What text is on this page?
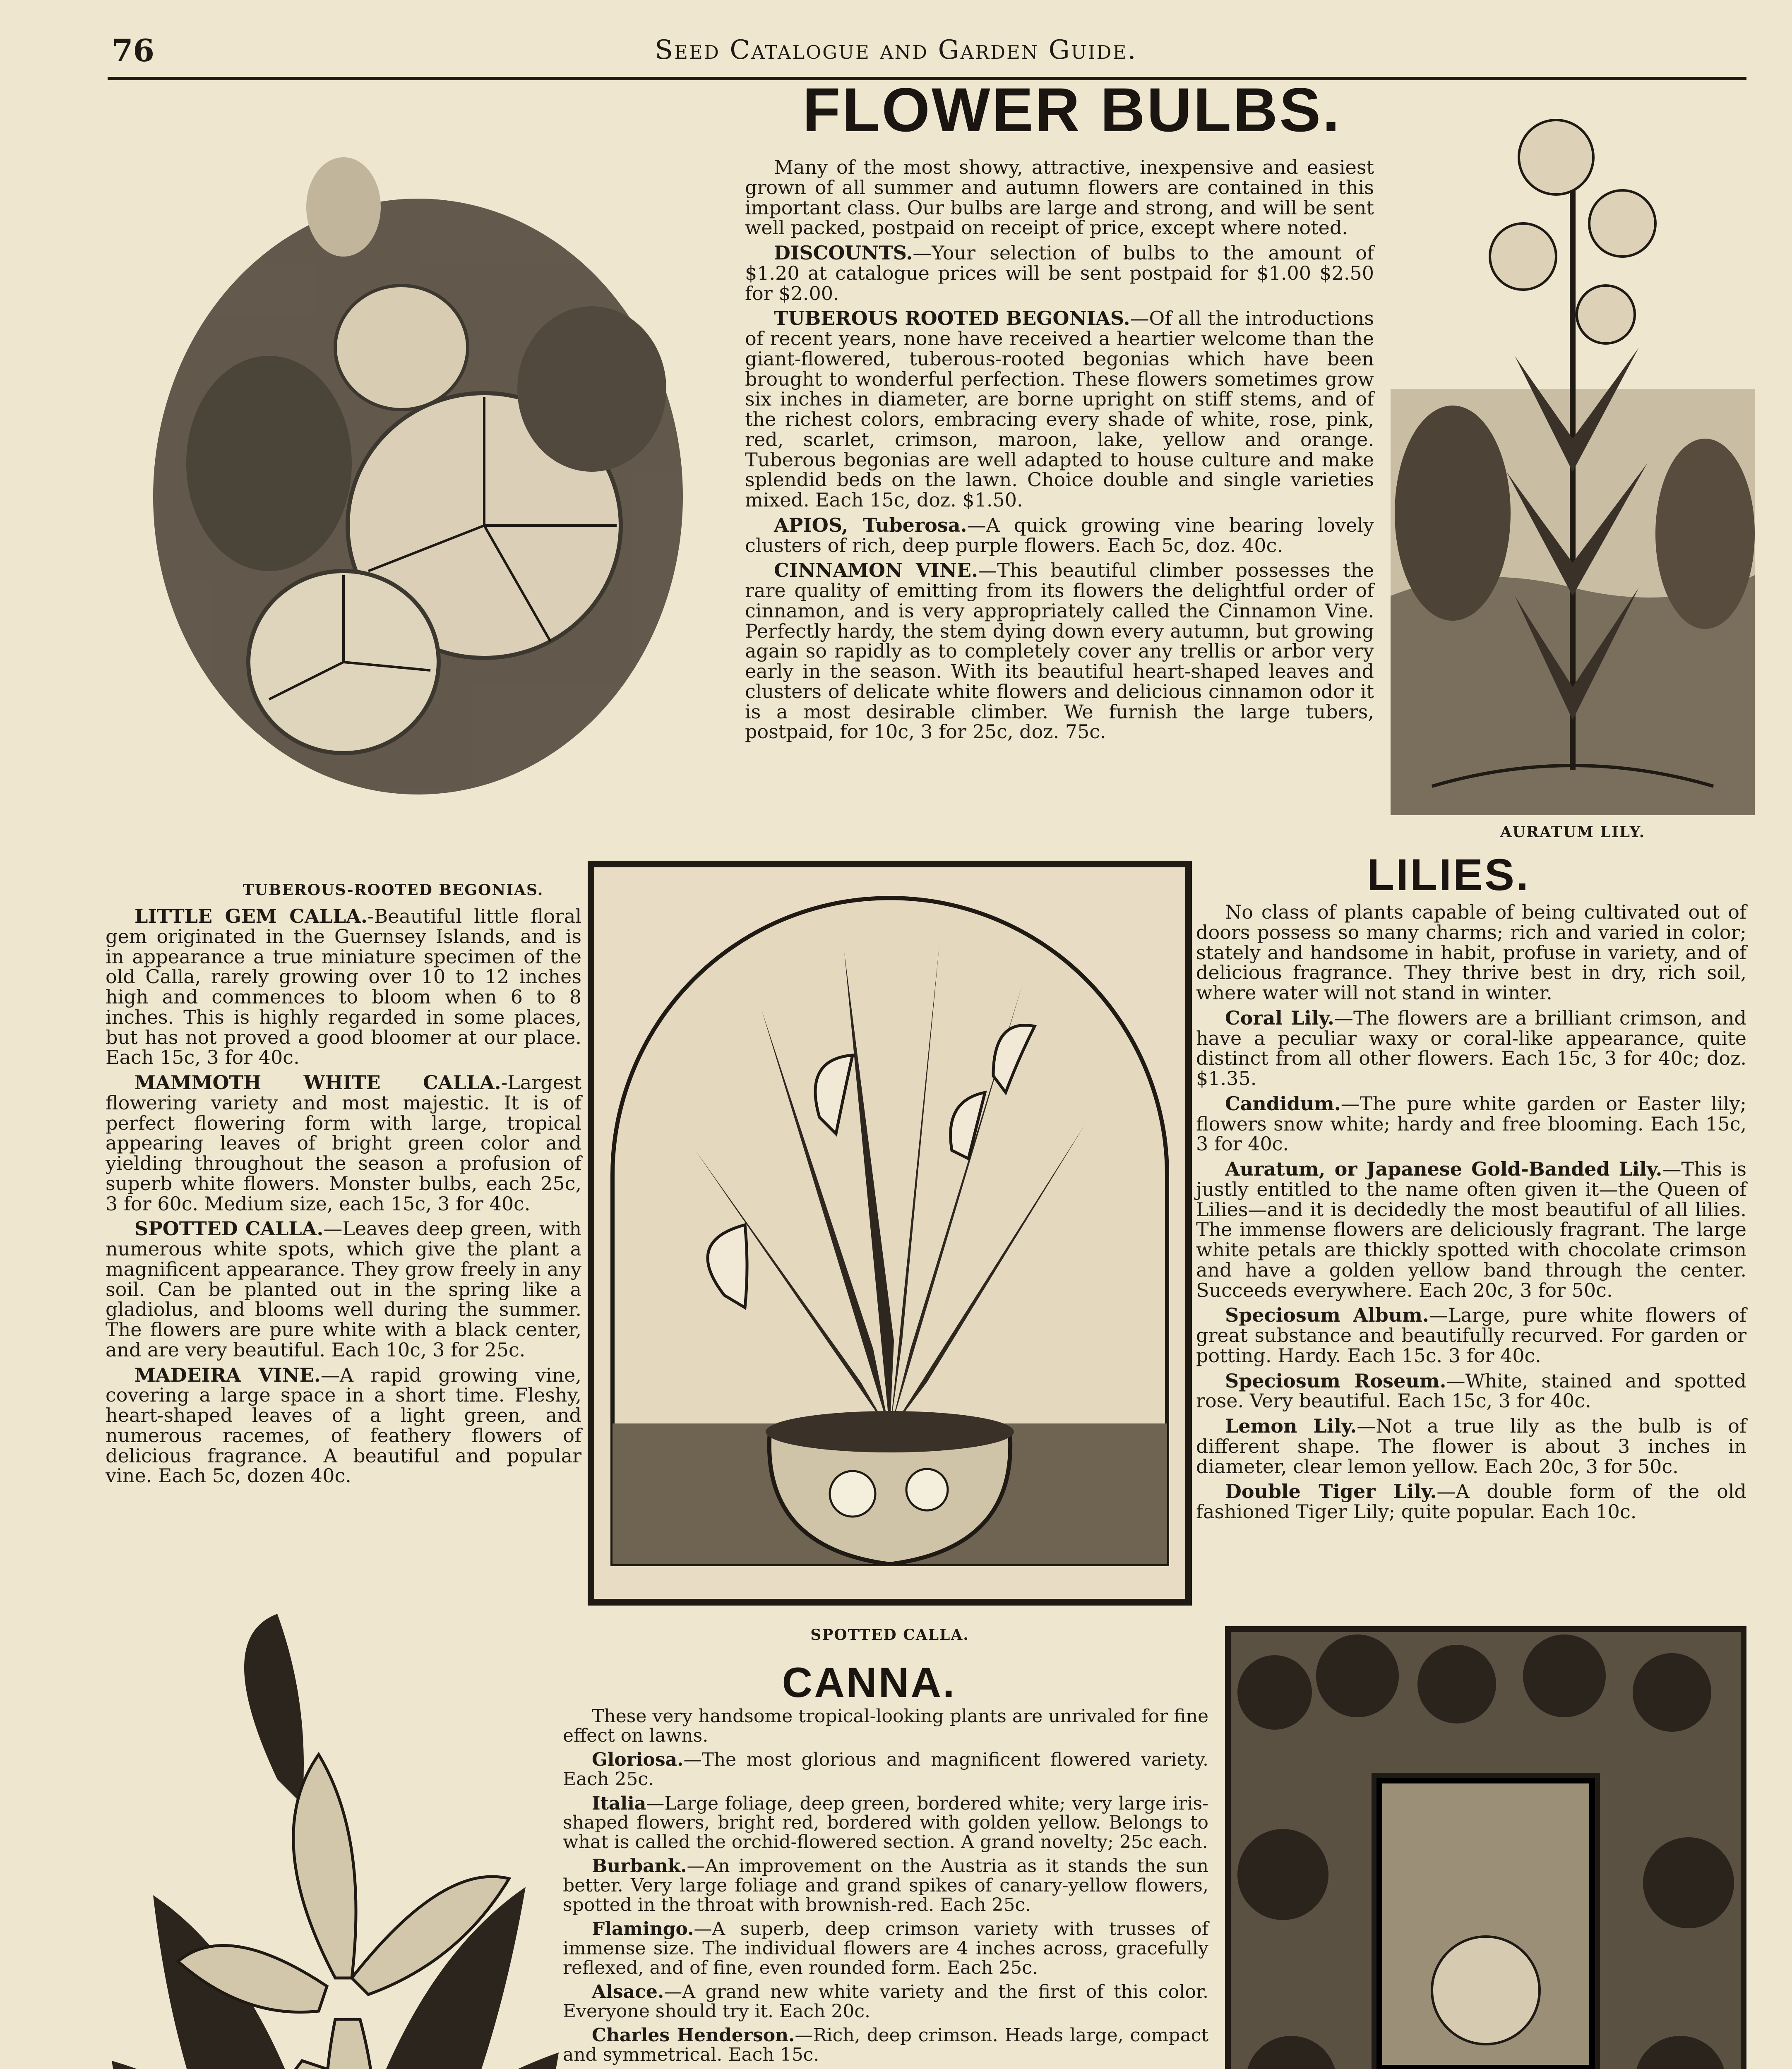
76	Seed Catalogue and Garden Guide.
FLOWER BULBS.

Many of the most showy, attractive, inexpensive and easiest grown of all summer and autumn flowers are contained in this important class. Our bulbs are large and strong, and will be sent well packed, postpaid on receipt of price, except where noted.

DISCOUNTS.—Your selection of bulbs to the amount of $1.20 at catalogue prices will be sent postpaid for $1.00 $2.50 for $2.00.

TUBEROUS ROOTED BEGONIAS.—Of all the introductions of recent years, none have received a heartier welcome than the giant-flowered, tuberous-rooted begonias which have been brought to wonderful perfection. These flowers sometimes grow six inches in diameter, are borne upright on stiff stems, and of the richest colors, embracing every shade of white, rose, pink, red, scarlet, crimson, maroon, lake, yellow and orange. Tuberous begonias are well adapted to house culture and make splendid beds on the lawn. Choice double and single varieties mixed. Each 15c, doz. $1.50.

APIOS, Tuberosa.—A quick growing vine bearing lovely clusters of rich, deep purple flowers. Each 5c, doz. 40c.

CINNAMON VINE.—This beautiful climber possesses the rare quality of emitting from its flowers the delightful order of cinnamon, and is very appropriately called the Cinnamon Vine. Perfectly hardy, the stem dying down every autumn, but growing again so rapidly as to completely cover any trellis or arbor very early in the season. With its beautiful heart-shaped leaves and clusters of delicate white flowers and delicious cinnamon odor it is a most desirable climber. We furnish the large tubers, postpaid, for 10c, 3 for 25c, doz. 75c.

AURATUM LILY.
TUBEROUS-ROOTED BEGONIAS.

LITTLE GEM CALLA.-Beautiful little floral gem originated in the Guernsey Islands, and is in appearance a true miniature specimen of the old Calla, rarely growing over 10 to 12 inches high and commences to bloom when 6 to 8 inches. This is highly regarded in some places, but has not proved a good bloomer at our place. Each 15c, 3 for 40c.

MAMMOTH WHITE CALLA.-Largest flowering variety and most majestic. It is of perfect flowering form with large, tropical appearing leaves of bright green color and yielding throughout the season a profusion of superb white flowers. Monster bulbs, each 25c, 3 for 60c. Medium size, each 15c, 3 for 40c.

SPOTTED CALLA.—Leaves deep green, with numerous white spots, which give the plant a magnificent appearance. They grow freely in any soil. Can be planted out in the spring like a gladiolus, and blooms well during the summer. The flowers are pure white with a black center, and are very beautiful. Each 10c, 3 for 25c.

MADEIRA VINE.—A rapid growing vine, covering a large space in a short time. Fleshy, heart-shaped leaves of a light green, and numerous racemes, of feathery flowers of delicious fragrance. A beautiful and popular vine. Each 5c, dozen 40c.

SPOTTED CALLA.
LILIES.

No class of plants capable of being cultivated out of doors possess so many charms; rich and varied in color; stately and handsome in habit, profuse in variety, and of delicious fragrance. They thrive best in dry, rich soil, where water will not stand in winter.

Coral Lily.—The flowers are a brilliant crimson, and have a peculiar waxy or coral-like appearance, quite distinct from all other flowers. Each 15c, 3 for 40c; doz. $1.35.

Candidum.—The pure white garden or Easter lily; flowers snow white; hardy and free blooming. Each 15c, 3 for 40c.

Auratum, or Japanese Gold-Banded Lily.—This is justly entitled to the name often given it—the Queen of Lilies—and it is decidedly the most beautiful of all lilies. The immense flowers are deliciously fragrant. The large white petals are thickly spotted with chocolate crimson and have a golden yellow band through the center. Succeeds everywhere. Each 20c, 3 for 50c.

Speciosum Album.—Large, pure white flowers of great substance and beautifully recurved. For garden or potting. Hardy. Each 15c. 3 for 40c.

Speciosum Roseum.—White, stained and spotted rose. Very beautiful. Each 15c, 3 for 40c.

Lemon Lily.—Not a true lily as the bulb is of different shape. The flower is about 3 inches in diameter, clear lemon yellow. Each 20c, 3 for 50c.

Double Tiger Lily.—A double form of the old fashioned Tiger Lily; quite popular. Each 10c.

CANNA.

These very handsome tropical-looking plants are unrivaled for fine effect on lawns.

Gloriosa.—The most glorious and magnificent flowered variety. Each 25c.

Italia—Large foliage, deep green, bordered white; very large iris-shaped flowers, bright red, bordered with golden yellow. Belongs to what is called the orchid-flowered section. A grand novelty; 25c each.

Burbank.—An improvement on the Austria as it stands the sun better. Very large foliage and grand spikes of canary-yellow flowers, spotted in the throat with brownish-red. Each 25c.

Flamingo.—A superb, deep crimson variety with trusses of immense size. The individual flowers are 4 inches across, gracefully reflexed, and of fine, even rounded form. Each 25c.

Alsace.—A grand new white variety and the first of this color. Everyone should try it. Each 20c.

Charles Henderson.—Rich, deep crimson. Heads large, compact and symmetrical. Each 15c.
